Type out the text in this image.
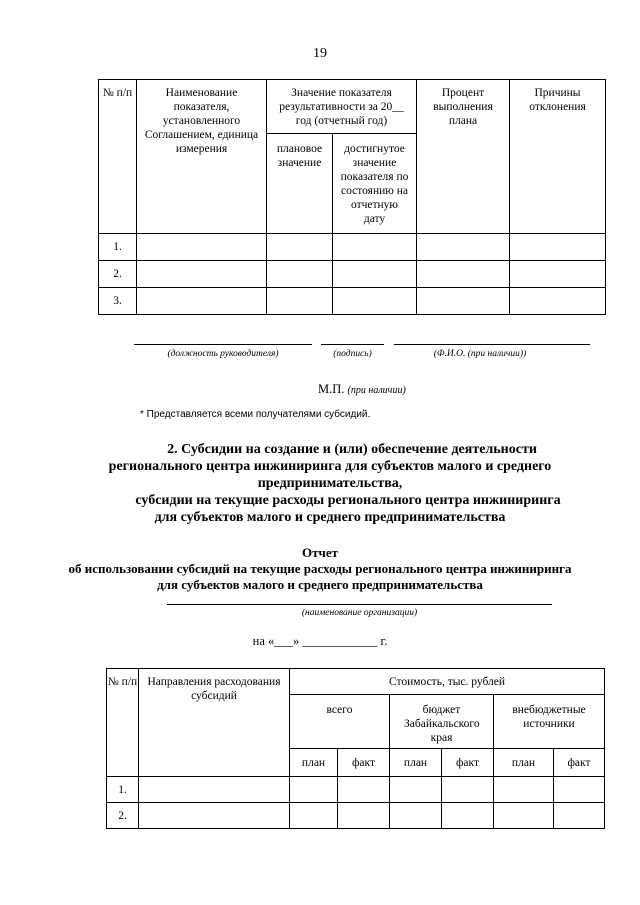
19
№ п/п	Наименование показателя, установленного Соглашением, единица измерения	Значение показателя результативности за 20__ год (отчетный год)		Процент выполнения плана	Причины отклонения
		плановое значение	достигнутое значение показателя по состоянию на отчетную дату		
1.					
2.					
3.					
(должность руководителя)	(подпись)	(Ф.И.О. (при наличии))
М.П. (при наличии)
* Представляется всеми получателями субсидий.
2. Субсидии на создание и (или) обеспечение деятельности
регионального центра инжиниринга для субъектов малого и среднего
предпринимательства,
субсидии на текущие расходы регионального центра инжиниринга
для субъектов малого и среднего предпринимательства
Отчет
об использовании субсидий на текущие расходы регионального центра инжиниринга
для субъектов малого и среднего предпринимательства
(наименование организации)
на «___» ____________ г.
№ п/п	Направления расходования субсидий	Стоимость, тыс. рублей					
		всего		бюджет Забайкальского края		внебюджетные источники	
		план	факт	план	факт	план	факт
1.							
2.							
